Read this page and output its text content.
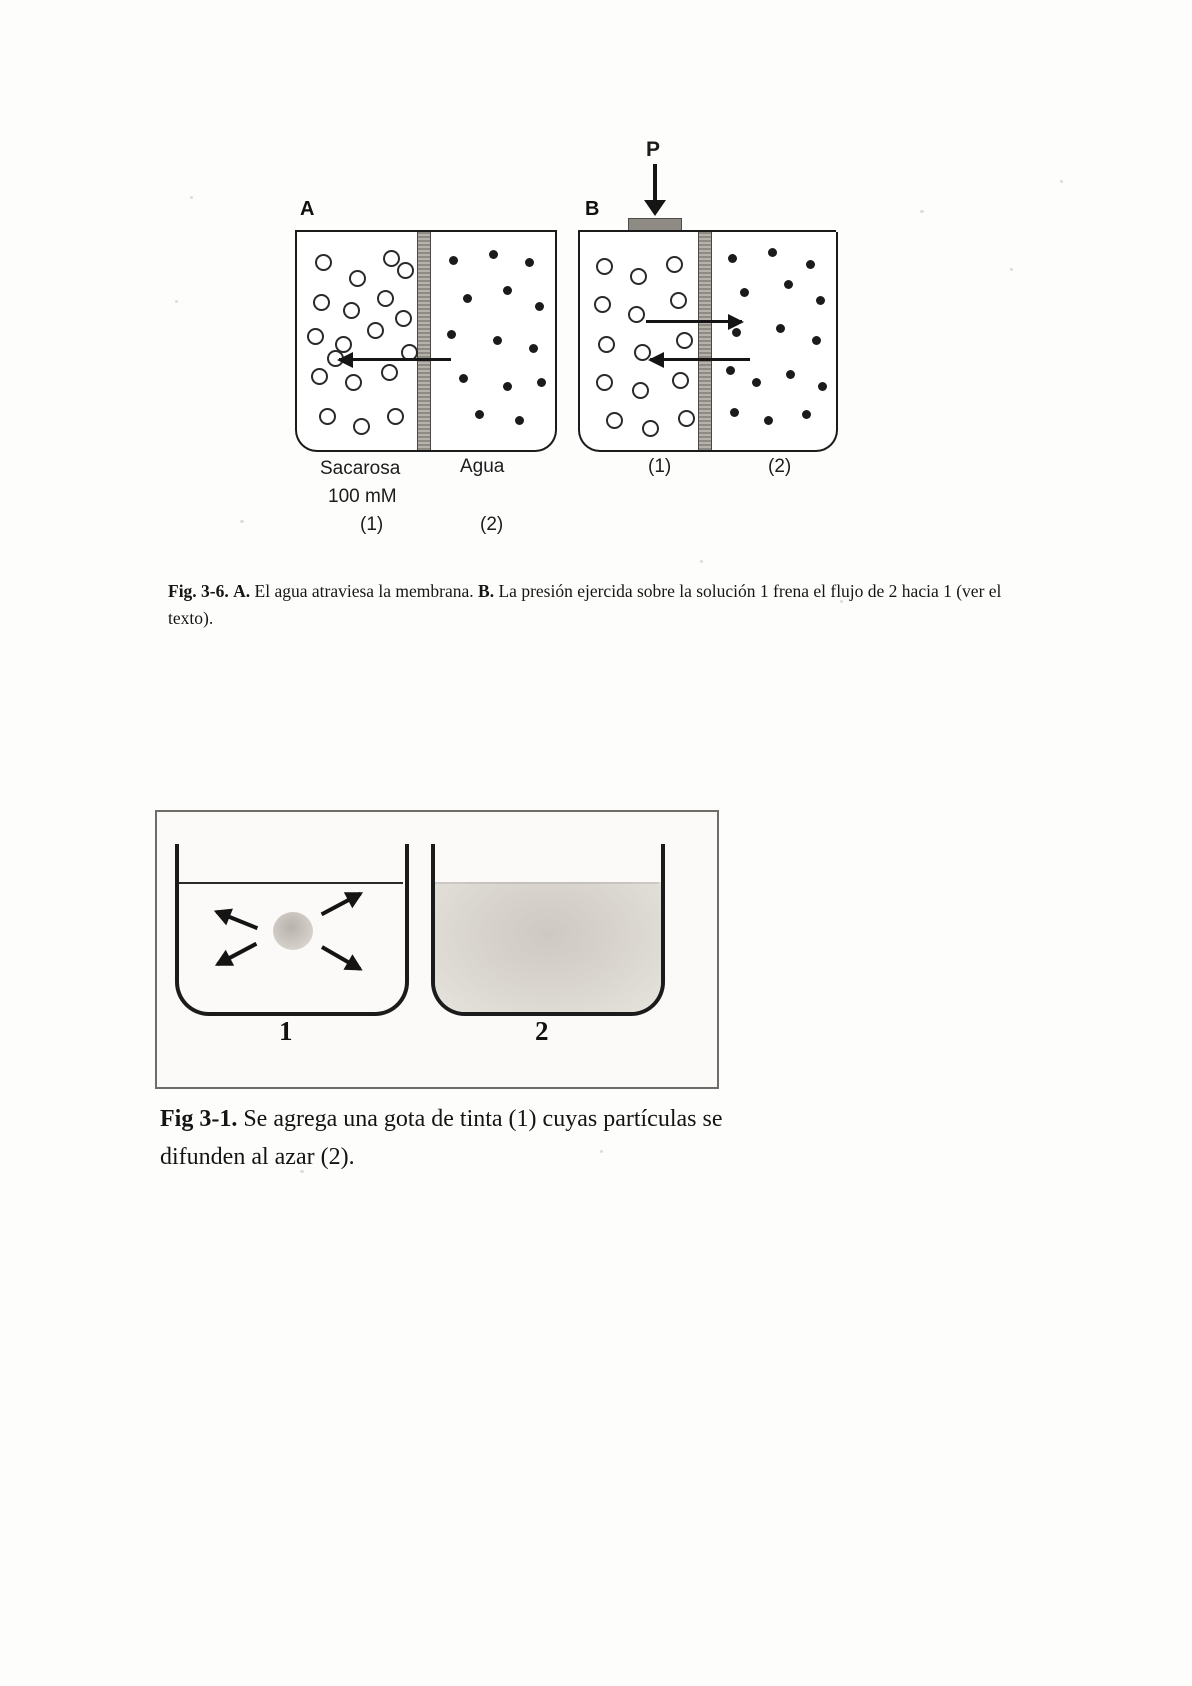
A
Sacarosa
100 mM
Agua
(1)	(2)
B
P
(1)	(2)
Fig. 3-6. A. El agua atraviesa la membrana. B. La presión ejercida sobre la solución 1 frena el flujo de 2 hacia 1 (ver el texto).
1	2
Fig 3-1. Se agrega una gota de tinta (1) cuyas partículas se difunden al azar (2).
